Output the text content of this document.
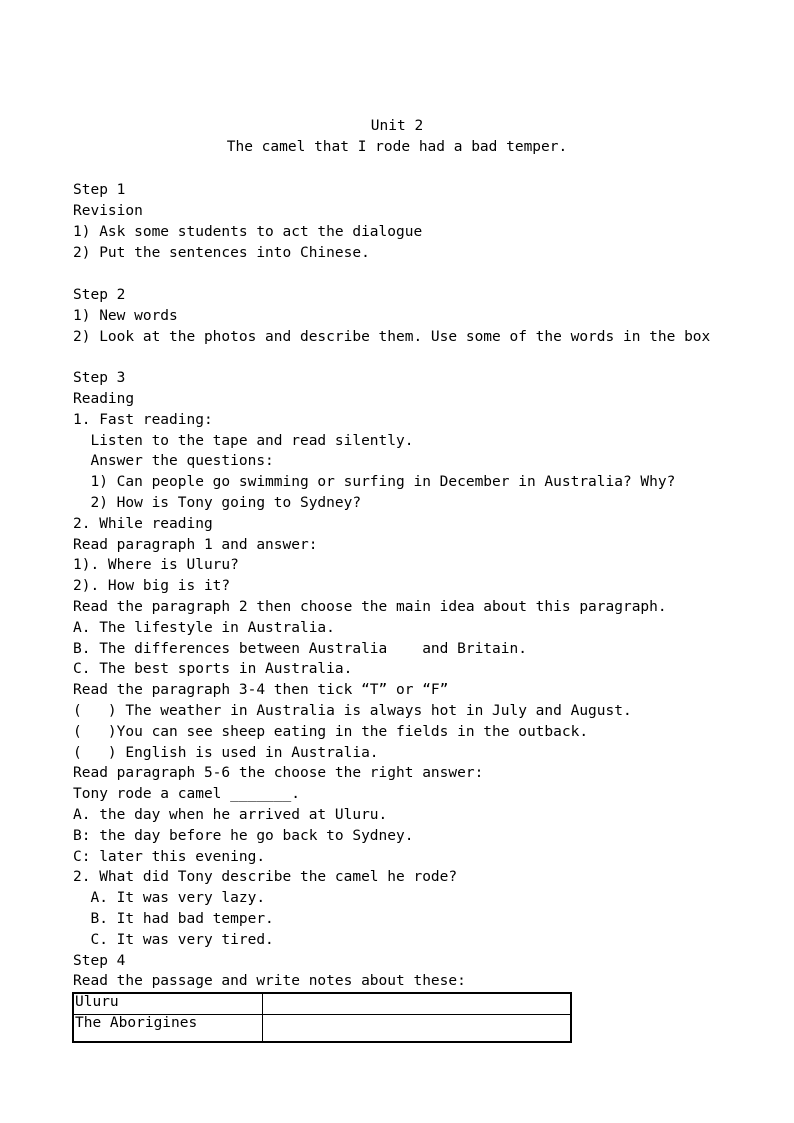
Unit 2
The camel that I rode had a bad temper.
Step 1
Revision
1) Ask some students to act the dialogue
2) Put the sentences into Chinese.
Step 2
1) New words
2) Look at the photos and describe them. Use some of the words in the box
Step 3
Reading
1. Fast reading:
Listen to the tape and read silently.
Answer the questions:
1) Can people go swimming or surfing in December in Australia? Why?
2) How is Tony going to Sydney?
2. While reading
Read paragraph 1 and answer:
1). Where is Uluru?
2). How big is it?
Read the paragraph 2 then choose the main idea about this paragraph.
A. The lifestyle in Australia.
B. The differences between Australia    and Britain.
C. The best sports in Australia.
Read the paragraph 3-4 then tick “T” or “F”
(   ) The weather in Australia is always hot in July and August.
(   )You can see sheep eating in the fields in the outback.
(   ) English is used in Australia.
Read paragraph 5-6 the choose the right answer:
Tony rode a camel _______.
A. the day when he arrived at Uluru.
B: the day before he go back to Sydney.
C: later this evening.
2. What did Tony describe the camel he rode?
A. It was very lazy.
B. It had bad temper.
C. It was very tired.
Step 4
Read the passage and write notes about these:
Uluru	
The Aborigines	
